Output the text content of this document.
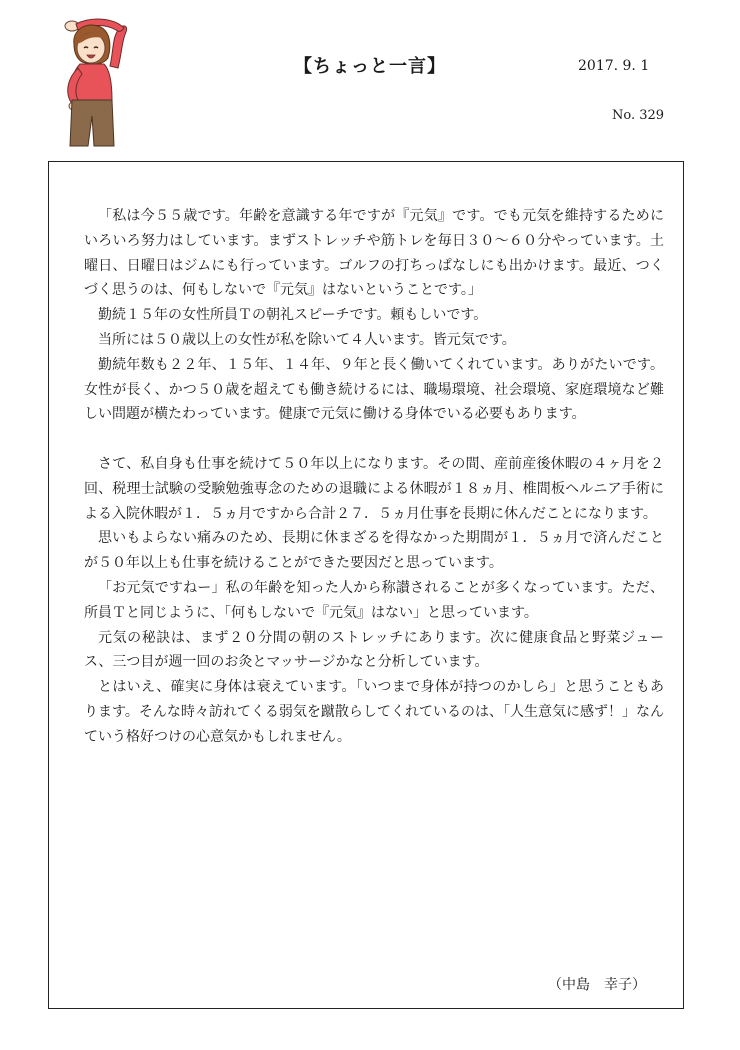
【ちょっと一言】	2017. 9. 1
No. 329

「私は今５５歳です。年齢を意識する年ですが『元気』です。でも元気を維持するためにいろいろ努力はしています。まずストレッチや筋トレを毎日３０～６０分やっています。土曜日、日曜日はジムにも行っています。ゴルフの打ちっぱなしにも出かけます。最近、つくづく思うのは、何もしないで『元気』はないということです。」

勤続１５年の女性所員Ｔの朝礼スピーチです。頼もしいです。

当所には５０歳以上の女性が私を除いて４人います。皆元気です。

勤続年数も２２年、１５年、１４年、９年と長く働いてくれています。ありがたいです。女性が長く、かつ５０歳を超えても働き続けるには、職場環境、社会環境、家庭環境など難しい問題が横たわっています。健康で元気に働ける身体でいる必要もあります。

さて、私自身も仕事を続けて５０年以上になります。その間、産前産後休暇の４ヶ月を２回、税理士試験の受験勉強専念のための退職による休暇が１８ヵ月、椎間板ヘルニア手術による入院休暇が１．５ヵ月ですから合計２７．５ヵ月仕事を長期に休んだことになります。

思いもよらない痛みのため、長期に休まざるを得なかった期間が１．５ヵ月で済んだことが５０年以上も仕事を続けることができた要因だと思っています。

「お元気ですねー」私の年齢を知った人から称讃されることが多くなっています。ただ、所員Ｔと同じように、「何もしないで『元気』はない」と思っています。

元気の秘訣は、まず２０分間の朝のストレッチにあります。次に健康食品と野菜ジュース、三つ目が週一回のお灸とマッサージかなと分析しています。

とはいえ、確実に身体は衰えています。「いつまで身体が持つのかしら」と思うこともあります。そんな時々訪れてくる弱気を蹴散らしてくれているのは、「人生意気に感ず！」なんていう格好つけの心意気かもしれません。

（中島　幸子）
